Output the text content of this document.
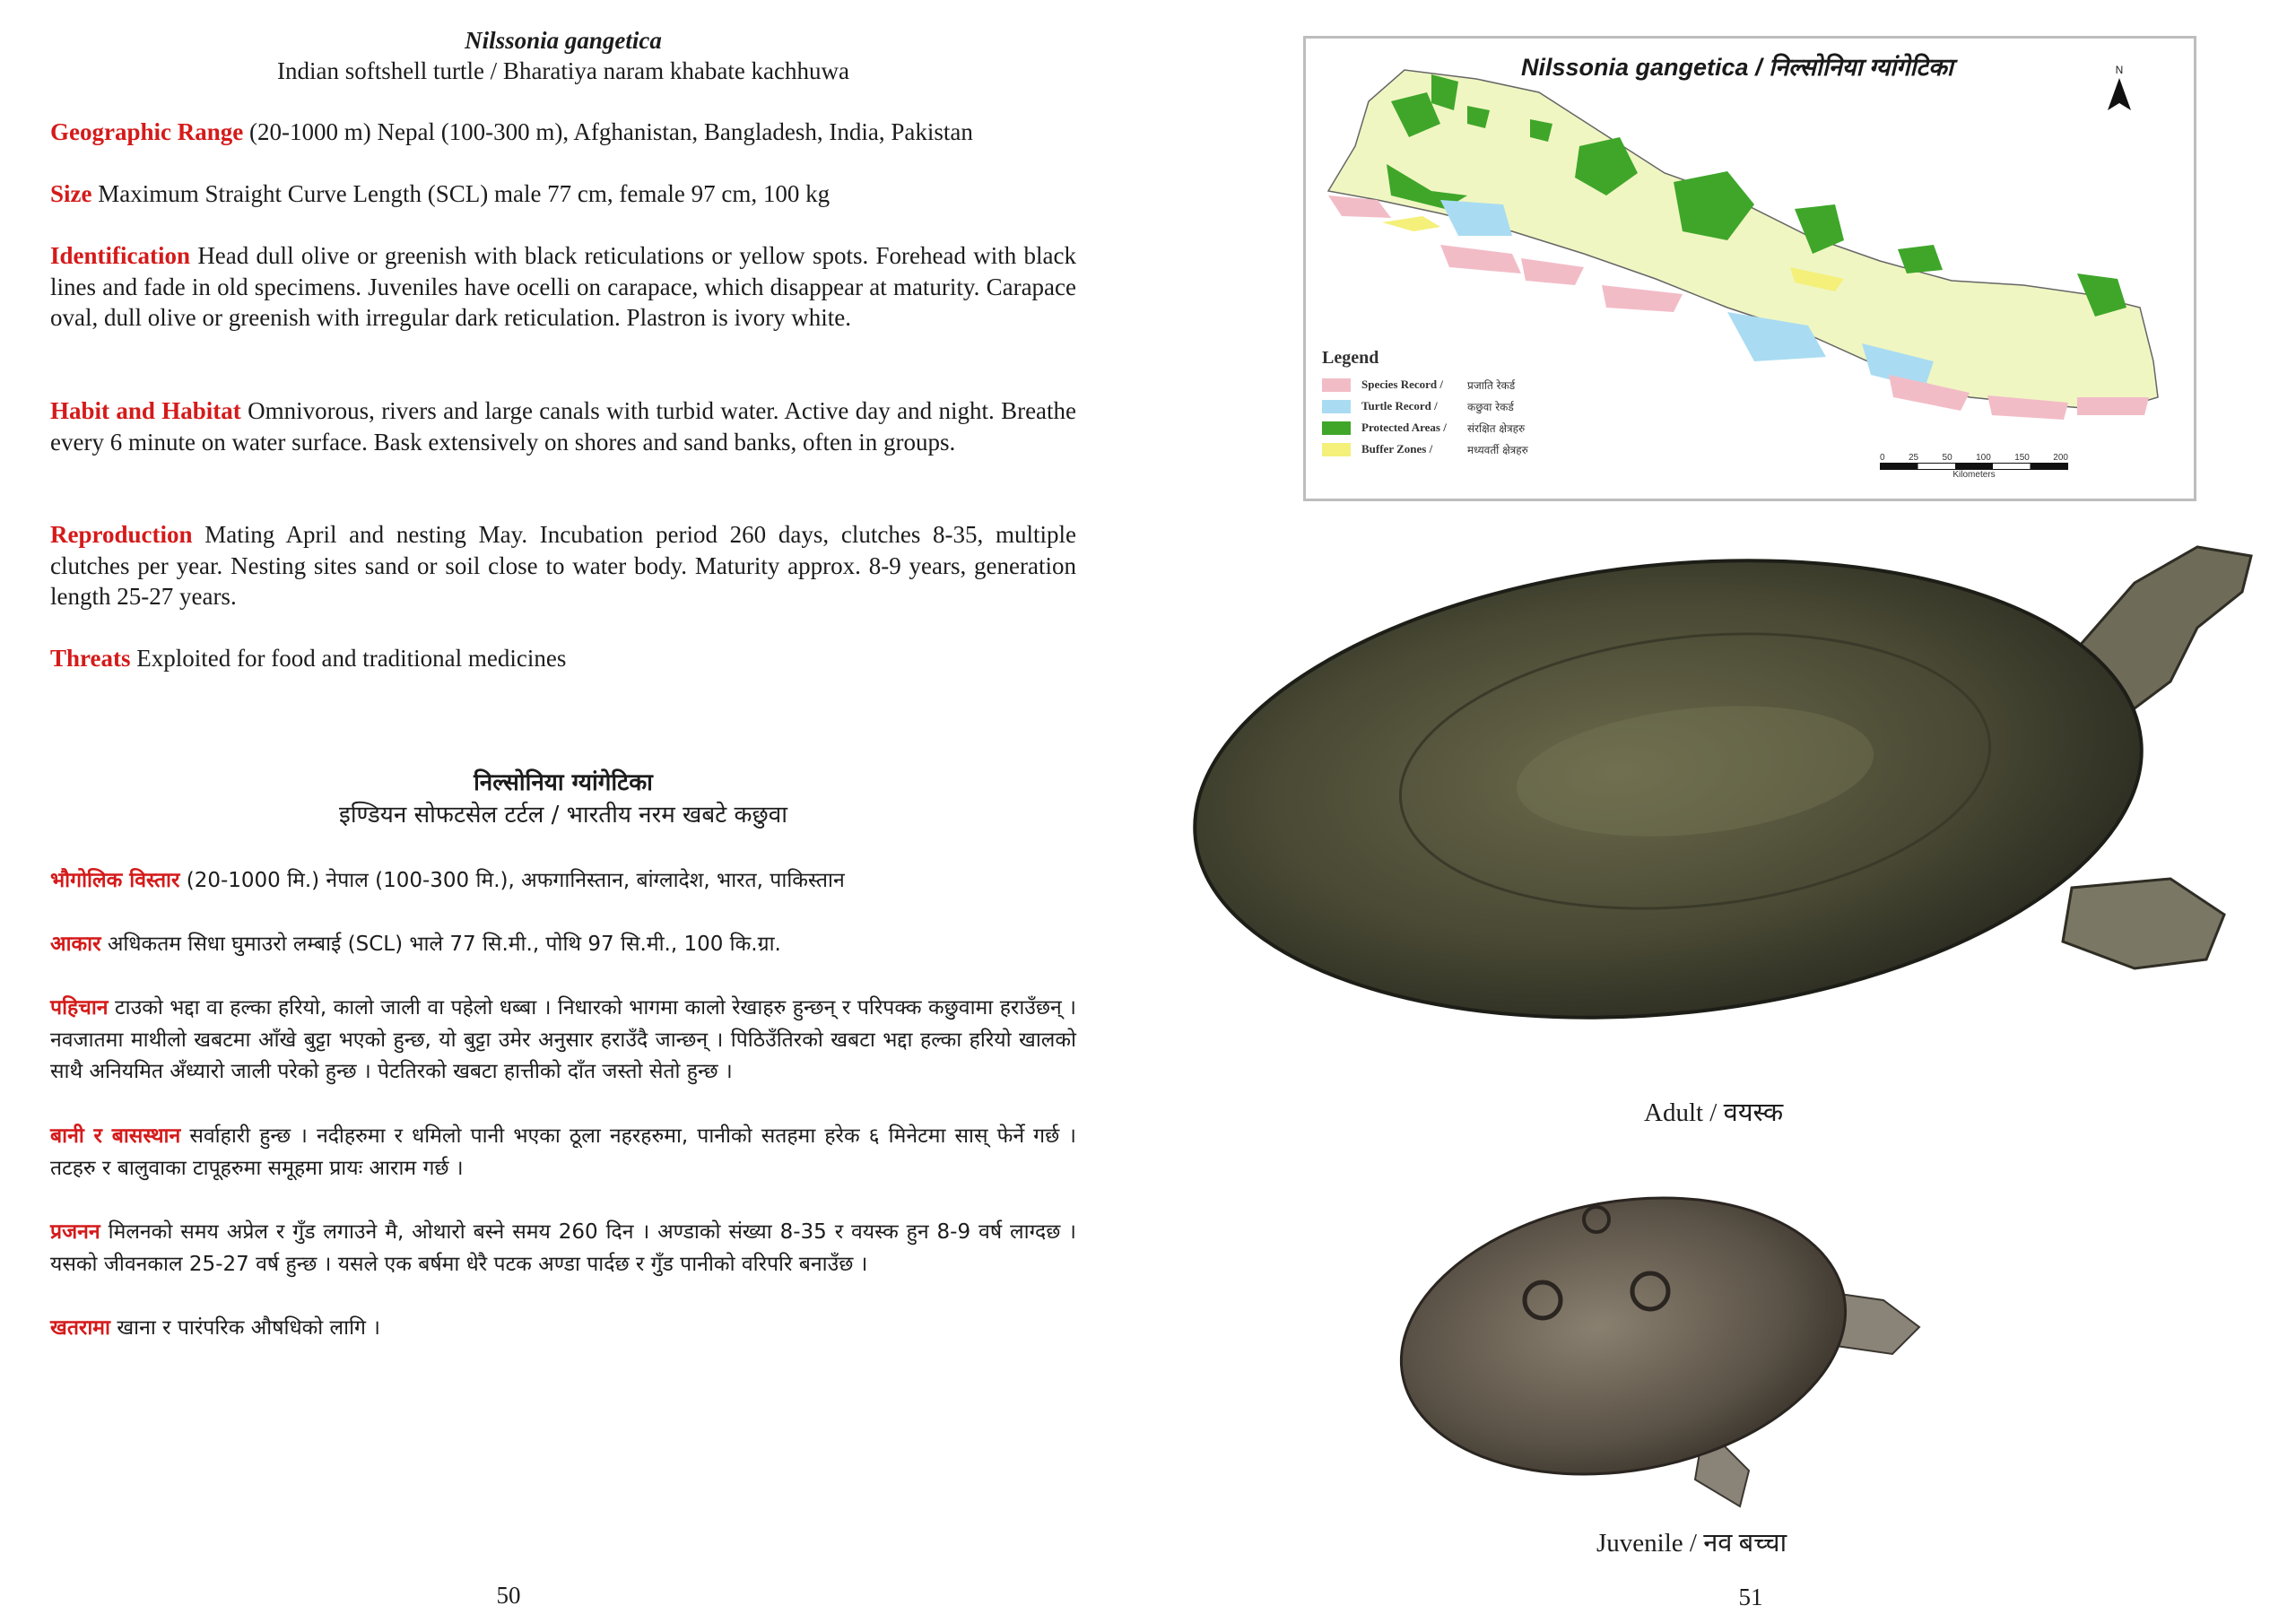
Nilssonia gangetica
Indian softshell turtle / Bharatiya naram khabate kachhuwa

Geographic Range (20-1000 m) Nepal (100-300 m), Afghanistan, Bangladesh, India, Pakistan

Size Maximum Straight Curve Length (SCL) male 77 cm, female 97 cm, 100 kg

Identification Head dull olive or greenish with black reticulations or yellow spots. Forehead with black lines and fade in old specimens. Juveniles have ocelli on carapace, which disappear at maturity. Carapace oval, dull olive or greenish with irregular dark reticulation. Plastron is ivory white.

Habit and Habitat Omnivorous, rivers and large canals with turbid water. Active day and night. Breathe every 6 minute on water surface. Bask extensively on shores and sand banks, often in groups.

Reproduction Mating April and nesting May. Incubation period 260 days, clutches 8-35, multiple clutches per year. Nesting sites sand or soil close to water body. Maturity approx. 8-9 years, generation length 25-27 years.

Threats Exploited for food and traditional medicines

निल्सोनिया ग्यांगेटिका
इण्डियन सोफटसेल टर्टल / भारतीय नरम खबटे कछुवा

भौगोलिक विस्तार (20-1000 मि.) नेपाल (100-300 मि.), अफगानिस्तान, बांग्लादेश, भारत, पाकिस्तान

आकार अधिकतम सिधा घुमाउरो लम्बाई (SCL) भाले 77 सि.मी., पोथि 97 सि.मी., 100 कि.ग्रा.

पहिचान टाउको भद्दा वा हल्का हरियो, कालो जाली वा पहेलो धब्बा । निधारको भागमा कालो रेखाहरु हुन्छन् र परिपक्क कछुवामा हराउँछन् । नवजातमा माथीलो खबटमा आँखे बुट्टा भएको हुन्छ, यो बुट्टा उमेर अनुसार हराउँदै जान्छन् । पिठिउँतिरको खबटा भद्दा हल्का हरियो खालको साथै अनियमित अँध्यारो जाली परेको हुन्छ । पेटतिरको खबटा हात्तीको दाँत जस्तो सेतो हुन्छ ।

बानी र बासस्थान सर्वाहारी हुन्छ । नदीहरुमा र धमिलो पानी भएका ठूला नहरहरुमा, पानीको सतहमा हरेक ६ मिनेटमा सास् फेर्ने गर्छ । तटहरु र बालुवाका टापूहरुमा समूहमा प्रायः आराम गर्छ ।

प्रजनन मिलनको समय अप्रेल र गुँड लगाउने मै, ओथारो बस्ने समय 260 दिन । अण्डाको संख्या 8-35 र वयस्क हुन 8-9 वर्ष लाग्दछ । यसको जीवनकाल 25-27 वर्ष हुन्छ । यसले एक बर्षमा धेरै पटक अण्डा पार्दछ र गुँड पानीको वरिपरि बनाउँछ ।

खतरामा खाना र पारंपरिक औषधिको लागि ।

50
Nilssonia gangetica / निल्सोनिया ग्यांगेटिका	N
Legend
Species Record /	प्रजाति रेकर्ड
Turtle Record /	कछुवा रेकर्ड
Protected Areas /	संरक्षित क्षेत्रहरु
Buffer Zones /	मध्यवर्ती क्षेत्रहरु
0	25	50	100	150	200
Kilometers
Adult / वयस्क
Juvenile / नव बच्चा
51
